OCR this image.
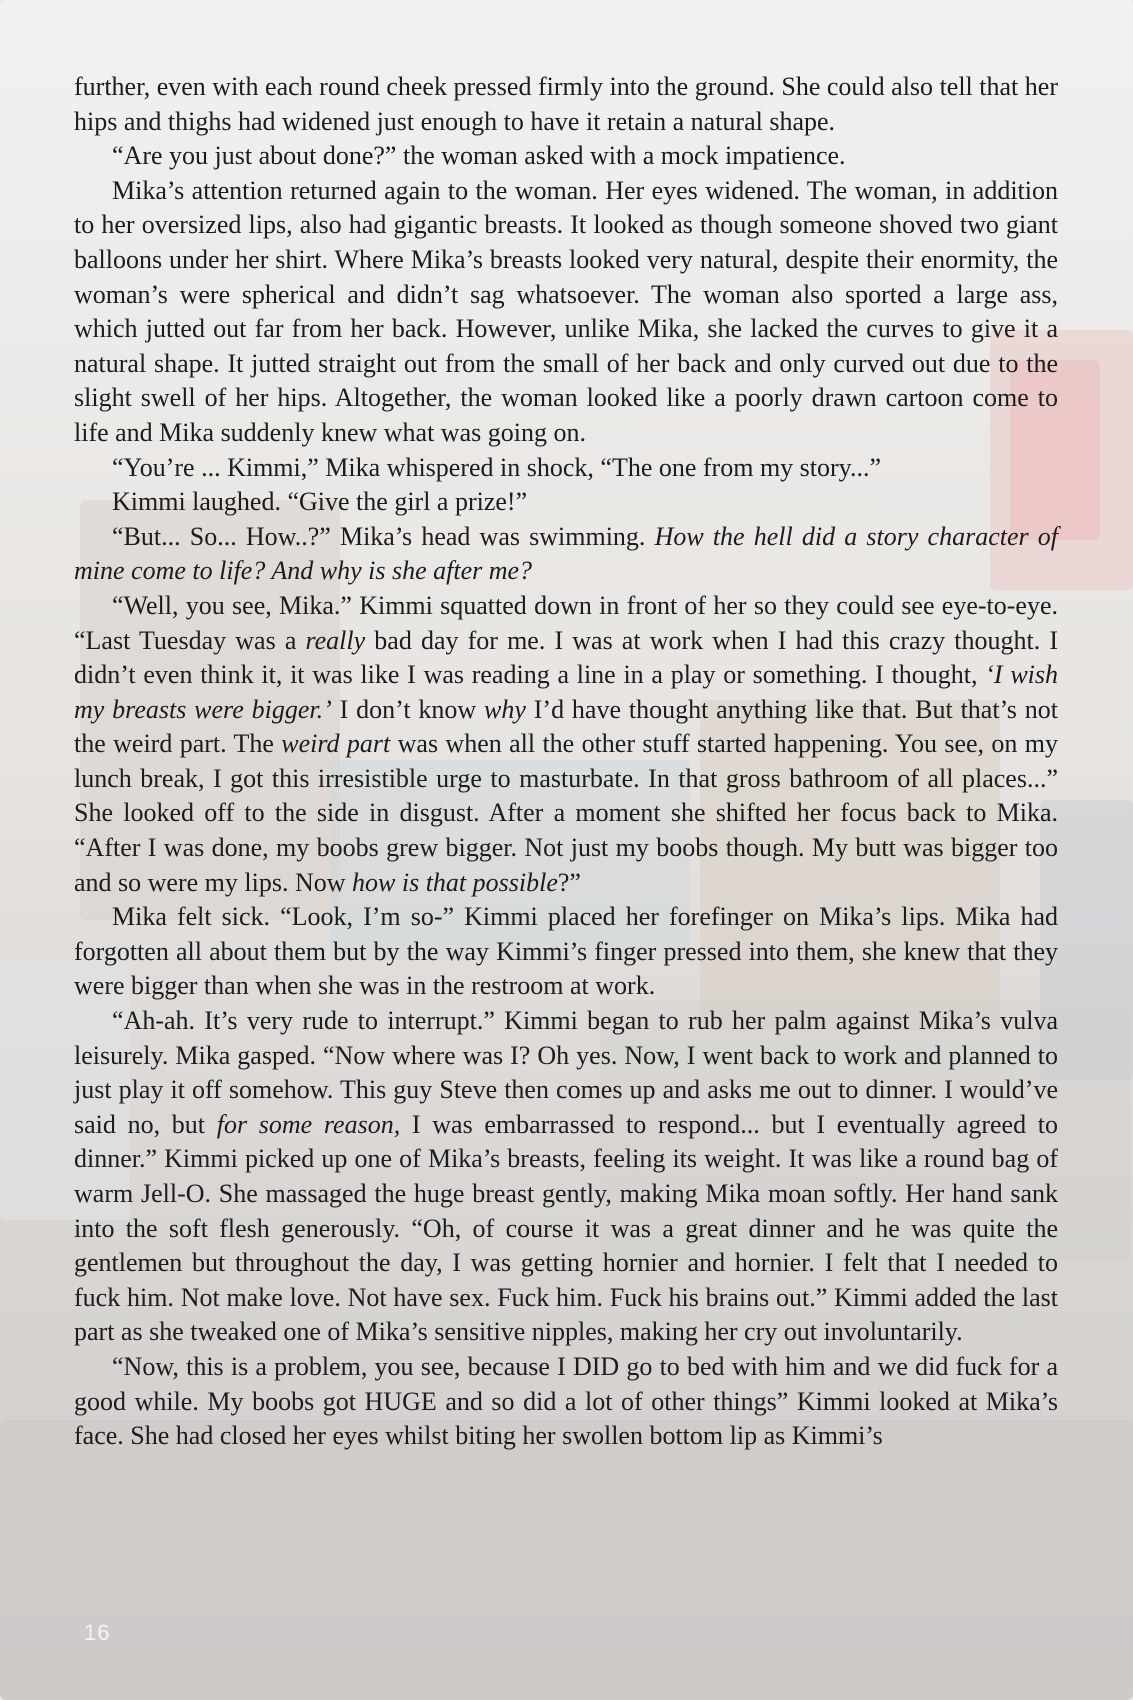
further, even with each round cheek pressed firmly into the ground. She could also tell that her hips and thighs had widened just enough to have it retain a natural shape.

“Are you just about done?” the woman asked with a mock impatience.

Mika’s attention returned again to the woman. Her eyes widened. The woman, in addition to her oversized lips, also had gigantic breasts. It looked as though someone shoved two giant balloons under her shirt. Where Mika’s breasts looked very natural, despite their enormity, the woman’s were spherical and didn’t sag whatsoever. The woman also sported a large ass, which jutted out far from her back. However, unlike Mika, she lacked the curves to give it a natural shape. It jutted straight out from the small of her back and only curved out due to the slight swell of her hips. Altogether, the woman looked like a poorly drawn cartoon come to life and Mika suddenly knew what was going on.

“You’re ... Kimmi,” Mika whispered in shock, “The one from my story...”

Kimmi laughed. “Give the girl a prize!”

“But... So... How..?” Mika’s head was swimming. How the hell did a story character of mine come to life? And why is she after me?

“Well, you see, Mika.” Kimmi squatted down in front of her so they could see eye-to-eye. “Last Tuesday was a really bad day for me. I was at work when I had this crazy thought. I didn’t even think it, it was like I was reading a line in a play or something. I thought, ‘I wish my breasts were bigger.’ I don’t know why I’d have thought anything like that. But that’s not the weird part. The weird part was when all the other stuff started happening. You see, on my lunch break, I got this irresistible urge to masturbate. In that gross bathroom of all places...” She looked off to the side in disgust. After a moment she shifted her focus back to Mika. “After I was done, my boobs grew bigger. Not just my boobs though. My butt was bigger too and so were my lips. Now how is that possible?”

Mika felt sick. “Look, I’m so-” Kimmi placed her forefinger on Mika’s lips. Mika had forgotten all about them but by the way Kimmi’s finger pressed into them, she knew that they were bigger than when she was in the restroom at work.

“Ah-ah. It’s very rude to interrupt.” Kimmi began to rub her palm against Mika’s vulva leisurely. Mika gasped. “Now where was I? Oh yes. Now, I went back to work and planned to just play it off somehow. This guy Steve then comes up and asks me out to dinner. I would’ve said no, but for some reason, I was embarrassed to respond... but I eventually agreed to dinner.” Kimmi picked up one of Mika’s breasts, feeling its weight. It was like a round bag of warm Jell-O. She massaged the huge breast gently, making Mika moan softly. Her hand sank into the soft flesh generously. “Oh, of course it was a great dinner and he was quite the gentlemen but throughout the day, I was getting hornier and hornier. I felt that I needed to fuck him. Not make love. Not have sex. Fuck him. Fuck his brains out.” Kimmi added the last part as she tweaked one of Mika’s sensitive nipples, making her cry out involuntarily.

“Now, this is a problem, you see, because I DID go to bed with him and we did fuck for a good while. My boobs got HUGE and so did a lot of other things” Kimmi looked at Mika’s face. She had closed her eyes whilst biting her swollen bottom lip as Kimmi’s

16
